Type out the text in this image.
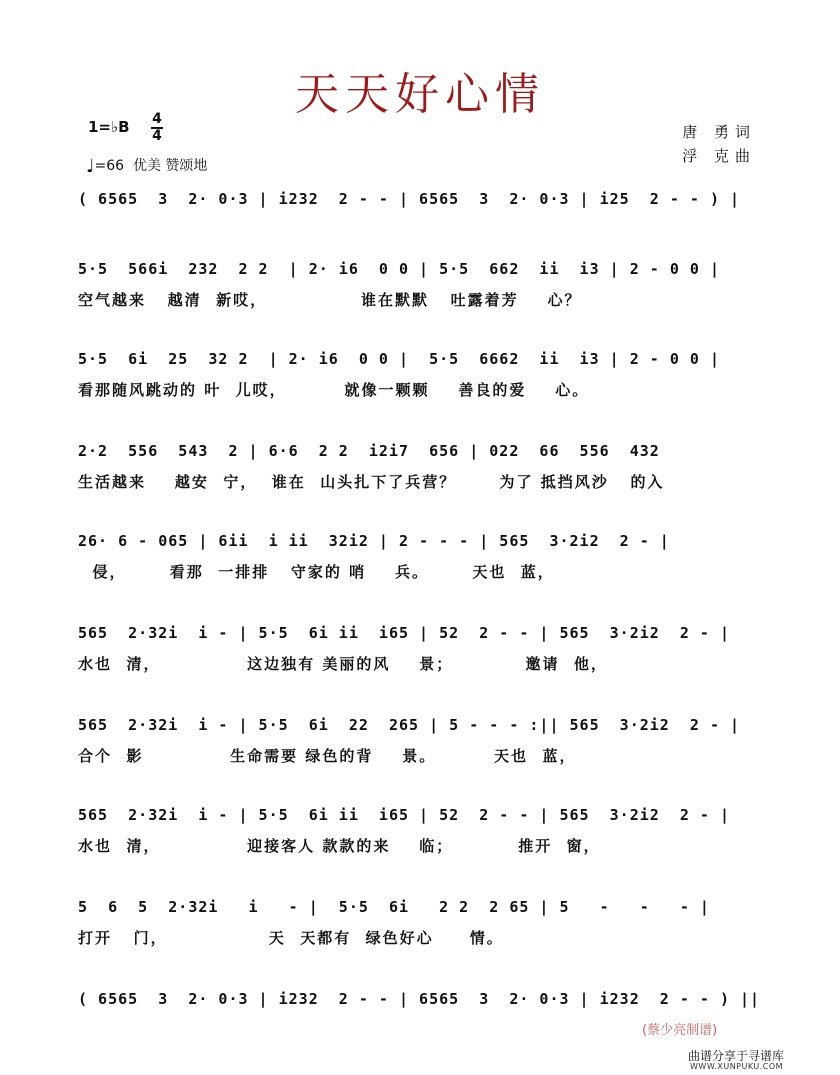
天天好心情
1=♭B 4
4
♩=66 优美 赞颂地
唐 勇词
浮 克曲
( 6565  3  2· 0·3 | i232  2 - - | 6565  3  2· 0·3 | i25  2 - - ) |
5·5  566i  232  2 2  | 2· i6  0 0 | 5·5  662  ii  i3 | 2 - 0 0 |
空气越来   越清  新哎，             谁在默默   吐露着芳    心？
5·5  6i  25  32 2  | 2· i6  0 0 |  5·5  6662  ii  i3 | 2 - 0 0 |
看那随风跳动的 叶  儿哎，        就像一颗颗    善良的爱    心。
2·2  556  543  2 | 6·6  2 2  i2i7  656 | 022  66  556  432
生活越来    越安  宁，  谁在  山头扎下了兵营？      为了 抵挡风沙   的入
26· 6 - 065 | 6ii  i ii  32i2 | 2 - - - | 565  3·2i2  2 - |
侵，      看那  一排排   守家的 哨    兵。      天也  蓝，
565  2·32i  i - | 5·5  6i ii  i65 | 52  2 - - | 565  3·2i2  2 - |
水也  清，            这边独有 美丽的风    景；          邀请  他，
565  2·32i  i - | 5·5  6i  22  265 | 5 - - - :|| 565  3·2i2  2 - |
合个  影            生命需要 绿色的背    景。        天也  蓝，
565  2·32i  i - | 5·5  6i ii  i65 | 52  2 - - | 565  3·2i2  2 - |
水也  清，            迎接客人 款款的来    临；         推开  窗，
5  6  5  2·32i   i   - |  5·5  6i   2 2  2 65 | 5   -   -   - |
打开   门，              天  天都有  绿色好心     情。
( 6565  3  2· 0·3 | i232  2 - - | 6565  3  2· 0·3 | i232  2 - - ) ||
(蔡少亮制谱)
曲谱分享于寻谱库
WWW.XUNPUKU.COM
